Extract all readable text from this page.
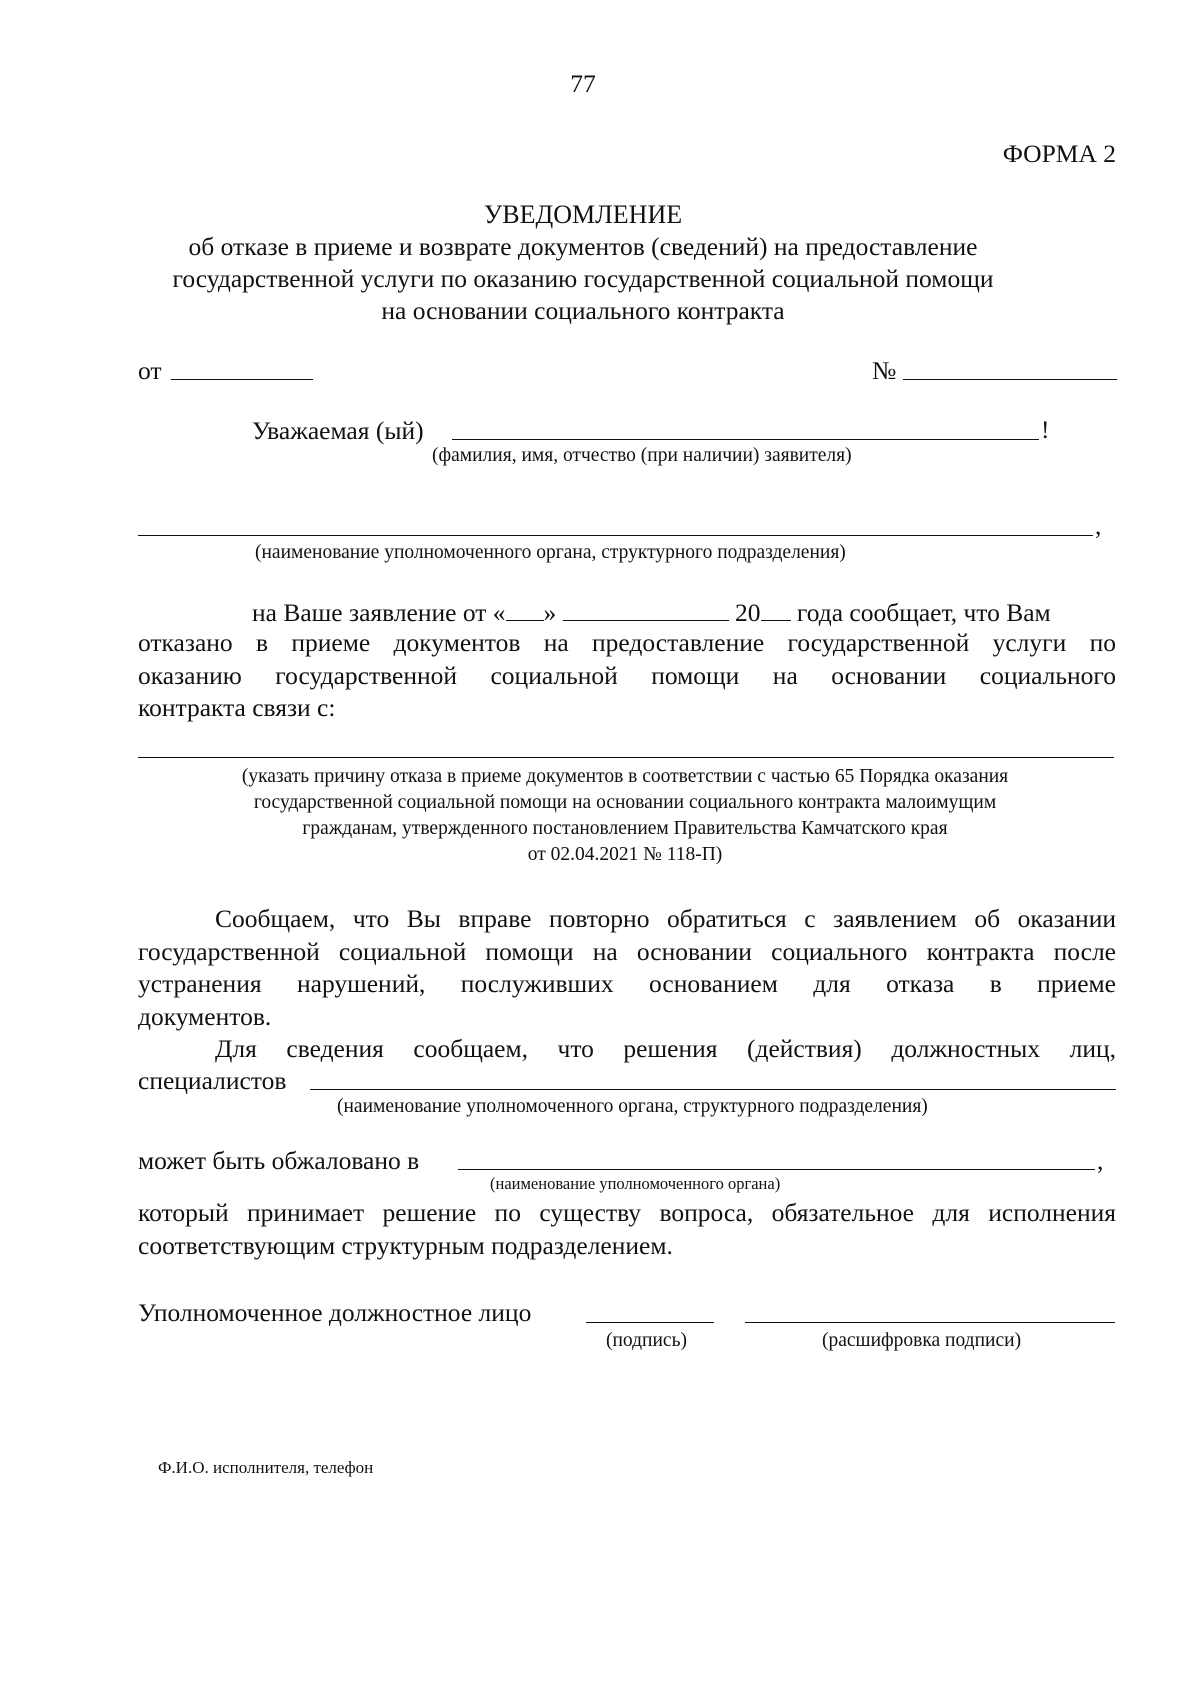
77
ФОРМА 2
УВЕДОМЛЕНИЕ
об отказе в приеме и возврате документов (сведений) на предоставление
государственной услуги по оказанию государственной социальной помощи
на основании социального контракта
от	№
Уважаемая (ый)	!
(фамилия, имя, отчество (при наличии) заявителя)
,
(наименование уполномоченного органа, структурного подразделения)
на Ваше заявление от « »	20 года сообщает, что Вам
отказано в приеме документов на предоставление государственной услуги по
оказанию государственной социальной помощи на основании социального
контракта связи с:
(указать причину отказа в приеме документов в соответствии с частью 65 Порядка оказания
государственной социальной помощи на основании социального контракта малоимущим
гражданам, утвержденного постановлением Правительства Камчатского края
от 02.04.2021 № 118-П)
Сообщаем, что Вы вправе повторно обратиться с заявлением об оказании
государственной социальной помощи на основании социального контракта после
устранения нарушений, послуживших основанием для отказа в приеме
документов.
Для сведения сообщаем, что решения (действия) должностных лиц,
специалистов
(наименование уполномоченного органа, структурного подразделения)
может быть обжаловано в	,
(наименование уполномоченного органа)
который принимает решение по существу вопроса, обязательное для исполнения
соответствующим структурным подразделением.
Уполномоченное должностное лицо
(подпись)	(расшифровка подписи)
Ф.И.О. исполнителя, телефон
